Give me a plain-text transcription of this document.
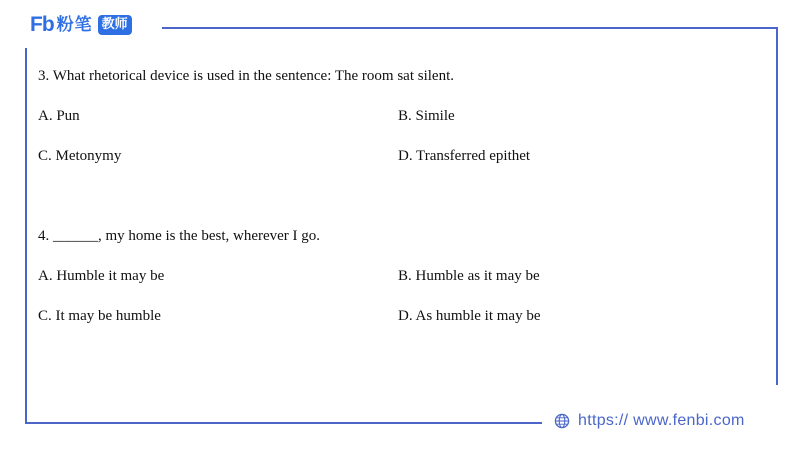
Fb 粉笔 教师
3. What rhetorical device is used in the sentence: The room sat silent.
A. Pun	B. Simile
C. Metonymy	D. Transferred epithet
4. ______, my home is the best, wherever I go.
A. Humble it may be	B. Humble as it may be
C. It may be humble	D. As humble it may be
https:// www.fenbi.com
